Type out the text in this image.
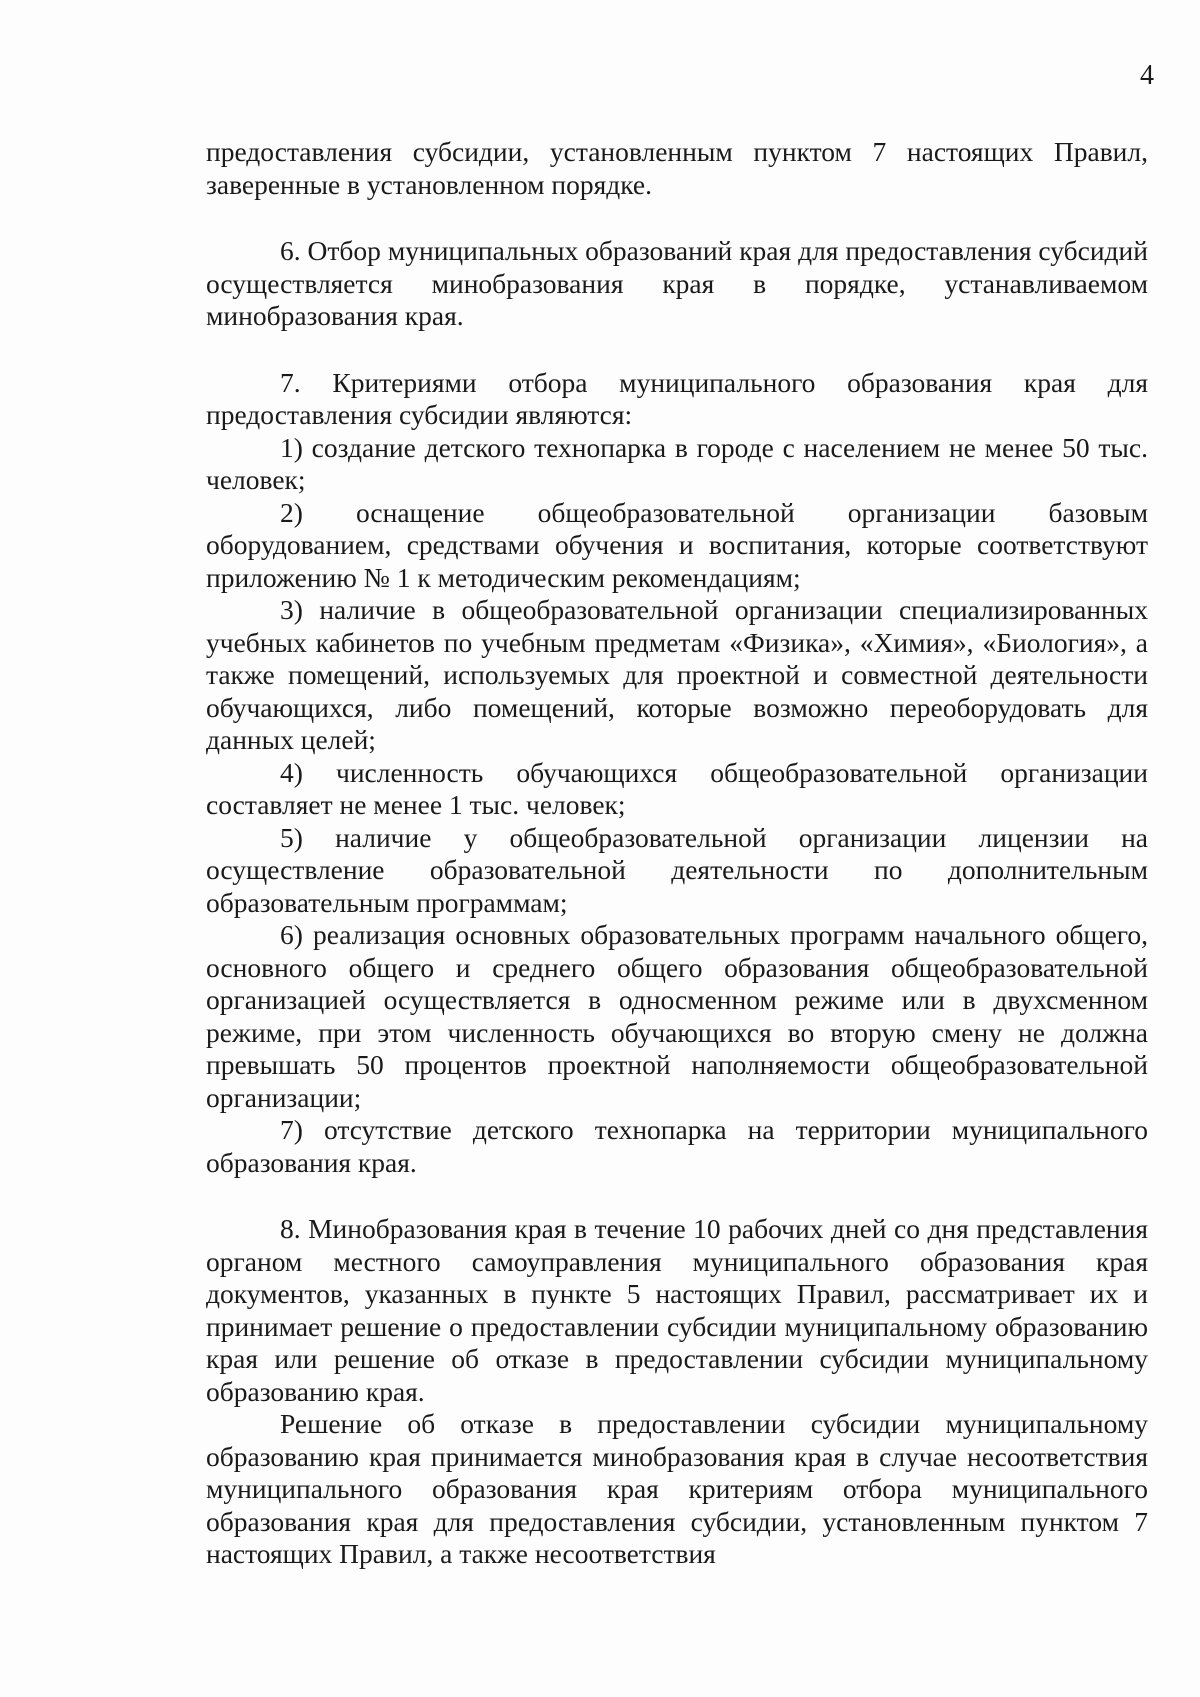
4

предоставления субсидии, установленным пунктом 7 настоящих Правил, заверенные в установленном порядке.

6. Отбор муниципальных образований края для предоставления субсидий осуществляется минобразования края в порядке, устанавливаемом минобразования края.

7. Критериями отбора муниципального образования края для предоставления субсидии являются:

1) создание детского технопарка в городе с населением не менее 50 тыс. человек;

2) оснащение общеобразовательной организации базовым оборудованием, средствами обучения и воспитания, которые соответствуют приложению № 1 к методическим рекомендациям;

3) наличие в общеобразовательной организации специализированных учебных кабинетов по учебным предметам «Физика», «Химия», «Биология», а также помещений, используемых для проектной и совместной деятельности обучающихся, либо помещений, которые возможно переоборудовать для данных целей;

4) численность обучающихся общеобразовательной организации составляет не менее 1 тыс. человек;

5) наличие у общеобразовательной организации лицензии на осуществление образовательной деятельности по дополнительным образовательным программам;

6) реализация основных образовательных программ начального общего, основного общего и среднего общего образования общеобразовательной организацией осуществляется в односменном режиме или в двухсменном режиме, при этом численность обучающихся во вторую смену не должна превышать 50 процентов проектной наполняемости общеобразовательной организации;

7) отсутствие детского технопарка на территории муниципального образования края.

8. Минобразования края в течение 10 рабочих дней со дня представления органом местного самоуправления муниципального образования края документов, указанных в пункте 5 настоящих Правил, рассматривает их и принимает решение о предоставлении субсидии муниципальному образованию края или решение об отказе в предоставлении субсидии муниципальному образованию края.

Решение об отказе в предоставлении субсидии муниципальному образованию края принимается минобразования края в случае несоответствия муниципального образования края критериям отбора муниципального образования края для предоставления субсидии, установленным пунктом 7 настоящих Правил, а также несоответствия
